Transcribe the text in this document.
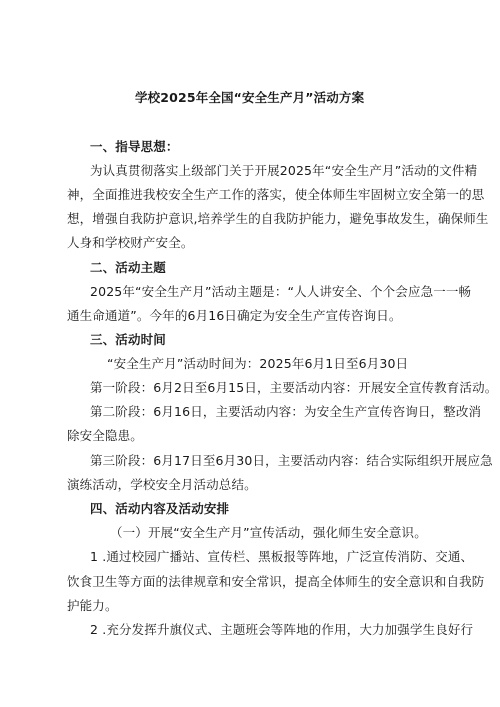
学校2025年全国“安全生产月”活动方案
一、指导思想：
为认真贯彻落实上级部门关于开展2025年“安全生产月”活动的文件精
神，全面推进我校安全生产工作的落实，使全体师生牢固树立安全第一的思
想，增强自我防护意识,培养学生的自我防护能力，避免事故发生，确保师生
人身和学校财产安全。
二、活动主题
2025年“安全生产月”活动主题是：“人人讲安全、个个会应急一一畅
通生命通道”。今年的6月16日确定为安全生产宣传咨询日。
三、活动时间
“安全生产月”活动时间为：2025年6月1日至6月30日
第一阶段：6月2日至6月15日，主要活动内容：开展安全宣传教育活动。
第二阶段：6月16日，主要活动内容：为安全生产宣传咨询日，整改消
除安全隐患。
第三阶段：6月17日至6月30日，主要活动内容：结合实际组织开展应急
演练活动，学校安全月活动总结。
四、活动内容及活动安排
（一）开展“安全生产月”宣传活动，强化师生安全意识。
1 .通过校园广播站、宣传栏、黑板报等阵地，广泛宣传消防、交通、
饮食卫生等方面的法律规章和安全常识，提高全体师生的安全意识和自我防
护能力。
2 .充分发挥升旗仪式、主题班会等阵地的作用，大力加强学生良好行
